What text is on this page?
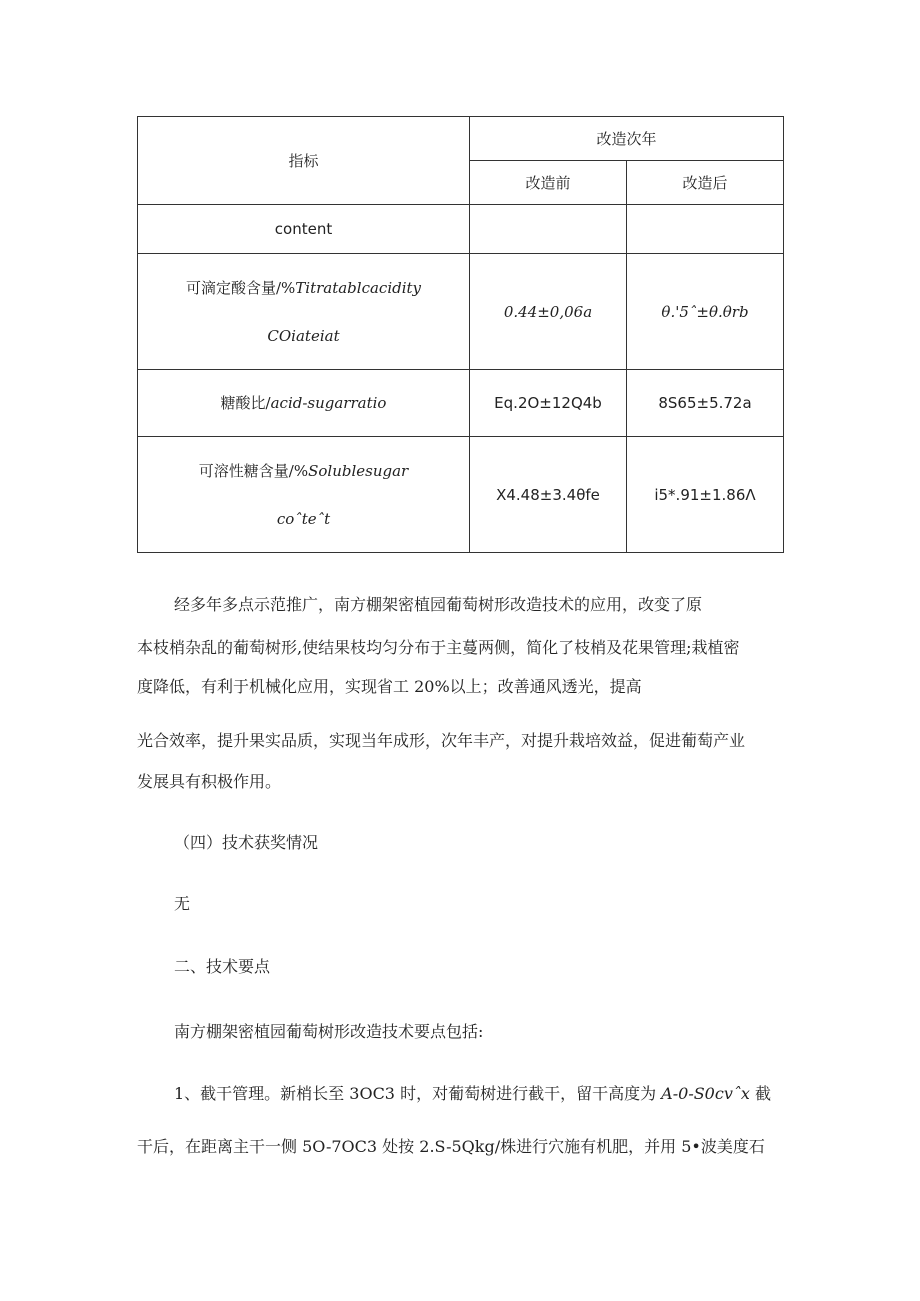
指标	改造次年	
	改造前	改造后
content		

可滴定酸含量/%Titratablcacidity
COiateiat	0.44±0,06a	θ.'5ˆ±θ.θrb
糖酸比/acid-sugarratio	Eq.2O±12Q4b	8S65±5.72a

可溶性糖含量/%Solublesugar
coˆteˆt	X4.48±3.4θfe	i5*.91±1.86Λ
经多年多点示范推广，南方棚架密植园葡萄树形改造技术的应用，改变了原
本枝梢杂乱的葡萄树形,使结果枝均匀分布于主蔓两侧，简化了枝梢及花果管理;栽植密
度降低，有利于机械化应用，实现省工 20%以上；改善通风透光，提高
光合效率，提升果实品质，实现当年成形，次年丰产，对提升栽培效益，促进葡萄产业
发展具有积极作用。
（四）技术获奖情况
无
二、技术要点
南方棚架密植园葡萄树形改造技术要点包括:
1、截干管理。新梢长至 3OC3 时，对葡萄树进行截干，留干高度为 A-0-S0cvˆx 截
干后，在距离主干一侧 5O-7OC3 处按 2.S-5Qkg/株进行穴施有机肥，并用 5•波美度石
